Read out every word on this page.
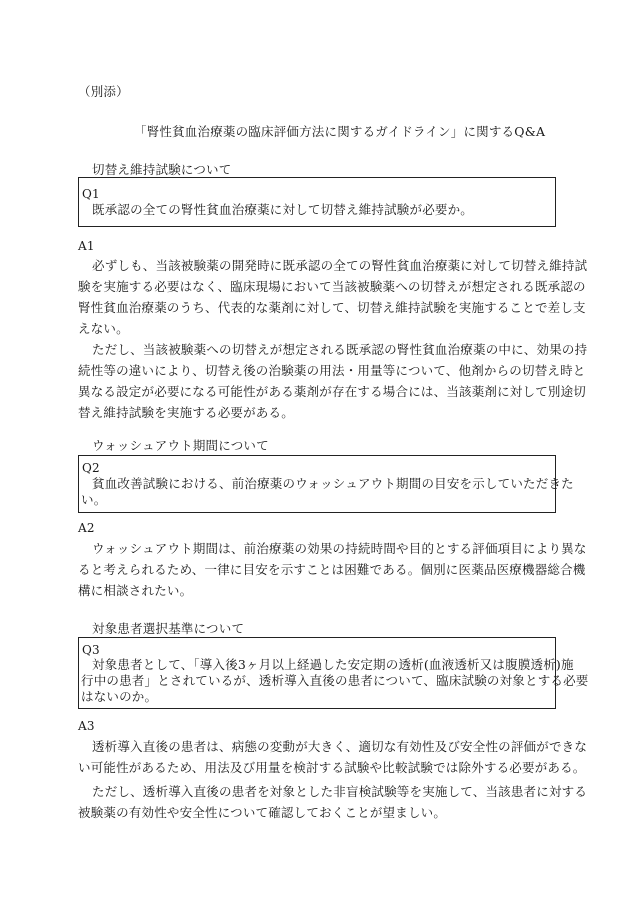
（別添）
「腎性貧血治療薬の臨床評価方法に関するガイドライン」に関するQ&A
切替え維持試験について
Q1
既承認の全ての腎性貧血治療薬に対して切替え維持試験が必要か。
A1
必ずしも、当該被験薬の開発時に既承認の全ての腎性貧血治療薬に対して切替え維持試
験を実施する必要はなく、臨床現場において当該被験薬への切替えが想定される既承認の
腎性貧血治療薬のうち、代表的な薬剤に対して、切替え維持試験を実施することで差し支
えない。
ただし、当該被験薬への切替えが想定される既承認の腎性貧血治療薬の中に、効果の持
続性等の違いにより、切替え後の治験薬の用法・用量等について、他剤からの切替え時と
異なる設定が必要になる可能性がある薬剤が存在する場合には、当該薬剤に対して別途切
替え維持試験を実施する必要がある。
ウォッシュアウト期間について
Q2
貧血改善試験における、前治療薬のウォッシュアウト期間の目安を示していただきた
い。
A2
ウォッシュアウト期間は、前治療薬の効果の持続時間や目的とする評価項目により異な
ると考えられるため、一律に目安を示すことは困難である。個別に医薬品医療機器総合機
構に相談されたい。
対象患者選択基準について
Q3
対象患者として、「導入後3ヶ月以上経過した安定期の透析(血液透析又は腹膜透析)施
行中の患者」とされているが、透析導入直後の患者について、臨床試験の対象とする必要
はないのか。
A3
透析導入直後の患者は、病態の変動が大きく、適切な有効性及び安全性の評価ができな
い可能性があるため、用法及び用量を検討する試験や比較試験では除外する必要がある。
ただし、透析導入直後の患者を対象とした非盲検試験等を実施して、当該患者に対する
被験薬の有効性や安全性について確認しておくことが望ましい。
